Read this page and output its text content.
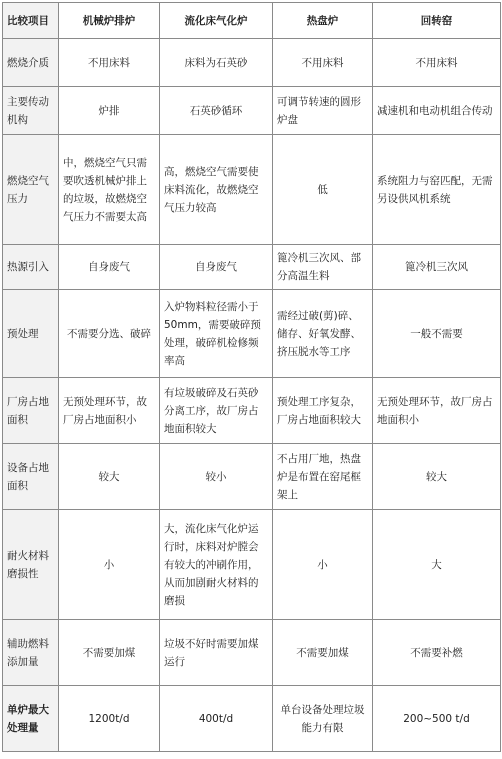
比较项目	机械炉排炉	流化床气化炉	热盘炉	回转窑
燃烧介质	不用床料	床料为石英砂	不用床料	不用床料
主要传动机构	炉排	石英砂循环	可调节转速的圆形炉盘	减速机和电动机组合传动
燃烧空气压力	中，燃烧空气只需要吹透机械炉排上的垃圾，故燃烧空气压力不需要太高	高，燃烧空气需要使床料流化，故燃烧空气压力较高	低	系统阻力与窑匹配，无需另设供风机系统
热源引入	自身废气	自身废气	篦冷机三次风、部分高温生料	篦冷机三次风
预处理	不需要分选、破碎	入炉物料粒径需小于50mm，需要破碎预处理，破碎机检修频率高	需经过破(剪)碎、储存、好氧发酵、挤压脱水等工序	一般不需要
厂房占地面积	无预处理环节，故厂房占地面积小	有垃圾破碎及石英砂分离工序，故厂房占地面积较大	预处理工序复杂，厂房占地面积较大	无预处理环节，故厂房占地面积小
设备占地面积	较大	较小	不占用厂地，热盘炉是布置在窑尾框架上	较大
耐火材料磨损性	小	大，流化床气化炉运行时，床料对炉膛会有较大的冲刷作用，从而加剧耐火材料的磨损	小	大
辅助燃料添加量	不需要加煤	垃圾不好时需要加煤运行	不需要加煤	不需要补燃
单炉最大处理量	1200t/d	400t/d	单台设备处理垃圾能力有限	200~500 t/d
